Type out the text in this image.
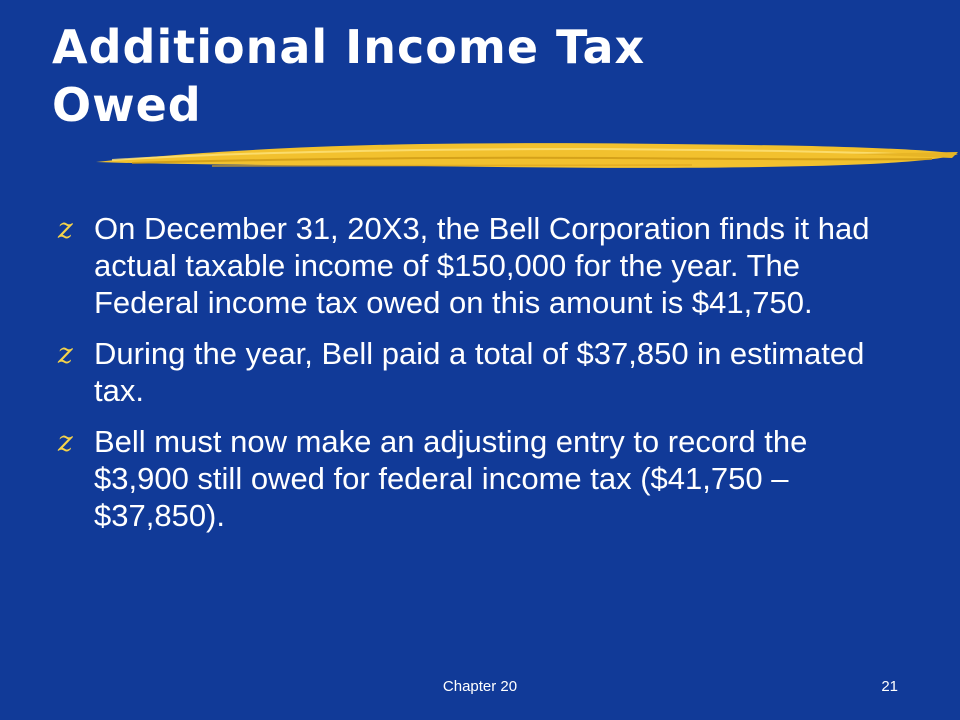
Additional Income Tax
Owed
z On December 31, 20X3, the Bell Corporation finds it had actual taxable income of $150,000 for the year. The Federal income tax owed on this amount is $41,750.
z During the year, Bell paid a total of $37,850 in estimated tax.
z Bell must now make an adjusting entry to record the $3,900 still owed for federal income tax ($41,750 – $37,850).
Chapter 20	21
